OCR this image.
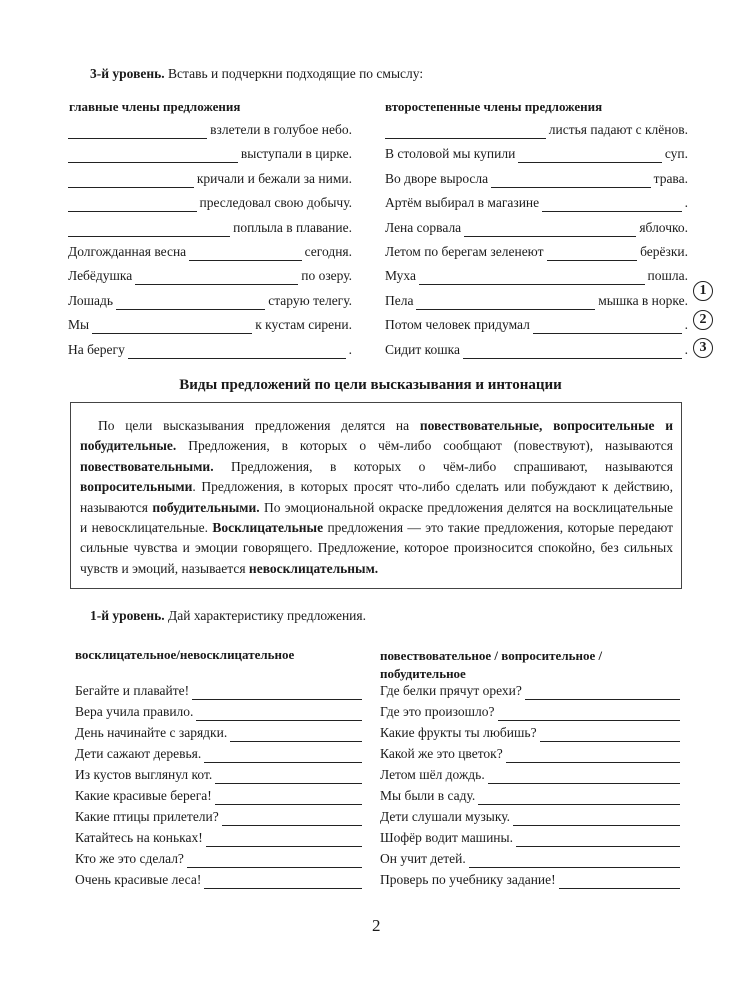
3-й уровень. Вставь и подчеркни подходящие по смыслу:
главные члены предложения	второстепенные члены предложения
взлетели в голубое небо.
выступали в цирке.
кричали и бежали за ними.
преследовал свою добычу.
поплыла в плавание.
Долгожданная весна	сегодня.
Лебёдушка	по озеру.
Лошадь	старую телегу.
Мы	к кустам сирени.
На берегу	.
листья падают с клёнов.
В столовой мы купили	суп.
Во дворе выросла	трава.
Артём выбирал в магазине	.
Лена сорвала	яблочко.
Летом по берегам зеленеют	берёзки.
Муха	пошла.
Пела	мышка в норке.
Потом человек придумал	.
Сидит кошка	.
1
2
3
Виды предложений по цели высказывания и интонации

По цели высказывания предложения делятся на повествовательные, вопросительные и побудительные. Предложения, в которых о чём-либо сообщают (повествуют), называются повествовательными. Предложения, в которых о чём-либо спрашивают, называются вопросительными. Предложения, в которых просят что-либо сделать или побуждают к действию, называются побудительными. По эмоциональной окраске предложения делятся на восклицательные и невосклицательные. Восклицательные предложения — это такие предложения, которые передают сильные чувства и эмоции говорящего. Предложение, которое произносится спокойно, без сильных чувств и эмоций, называется невосклицательным.

1-й уровень. Дай характеристику предложения.
восклицательное/невосклицательное	повествовательное / вопросительное / побудительное
Бегайте и плавайте!
Вера учила правило.
День начинайте с зарядки.
Дети сажают деревья.
Из кустов выглянул кот.
Какие красивые берега!
Какие птицы прилетели?
Катайтесь на коньках!
Кто же это сделал?
Очень красивые леса!
Где белки прячут орехи?
Где это произошло?
Какие фрукты ты любишь?
Какой же это цветок?
Летом шёл дождь.
Мы были в саду.
Дети слушали музыку.
Шофёр водит машины.
Он учит детей.
Проверь по учебнику задание!
2
